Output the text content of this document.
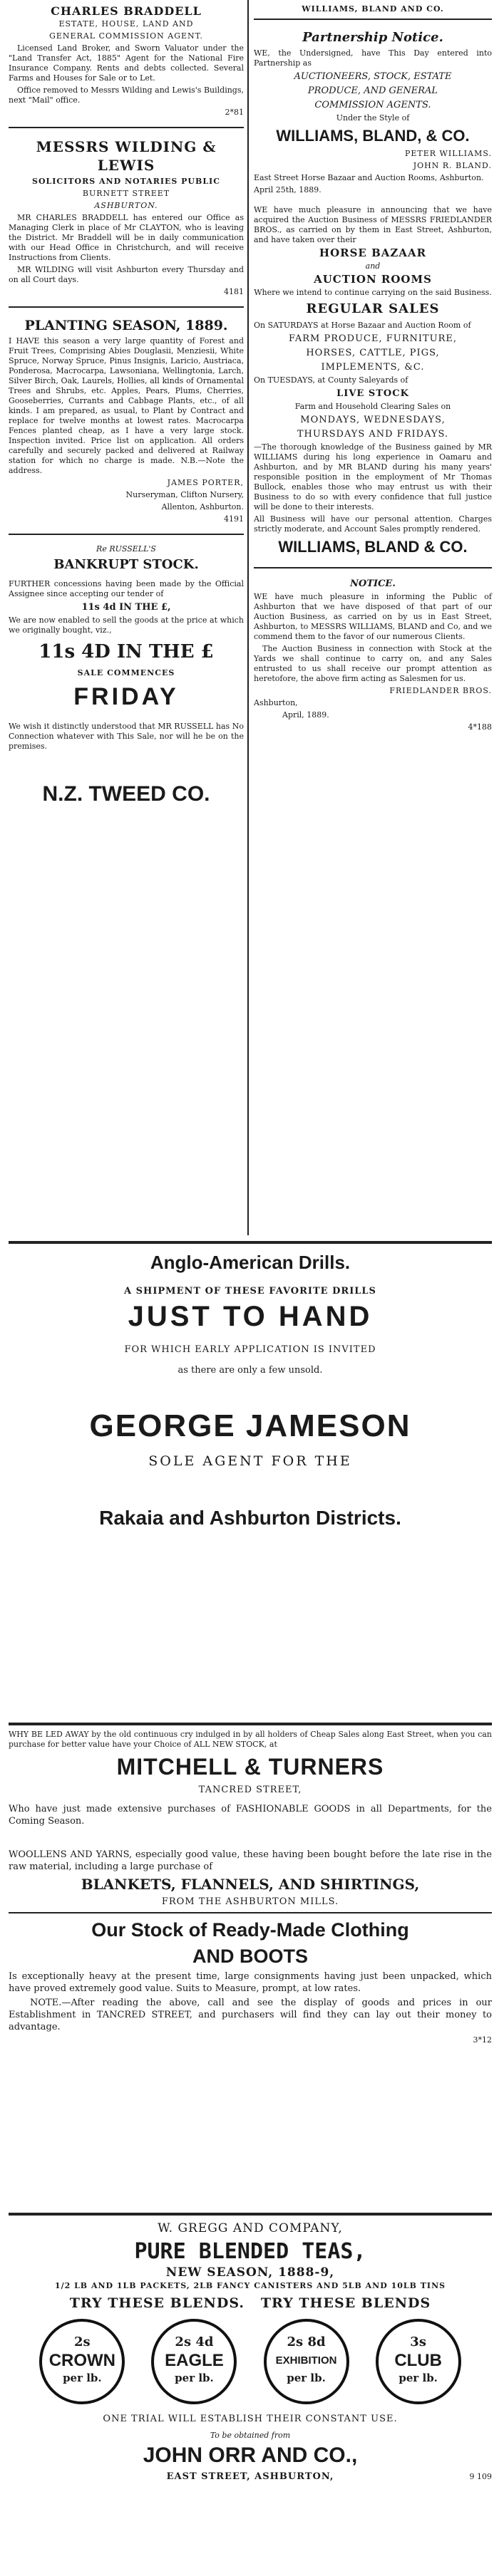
CHARLES BRADDELL

ESTATE, HOUSE, LAND AND

GENERAL COMMISSION AGENT.

Licensed Land Broker, and Sworn Valuator under the "Land Transfer Act, 1885" Agent for the National Fire Insurance Company. Rents and debts collected. Several Farms and Houses for Sale or to Let.

Office removed to Messrs Wilding and Lewis's Buildings, next "Mail" office.

2*81

MESSRS WILDING & LEWIS

SOLICITORS AND NOTARIES PUBLIC

BURNETT STREET

ASHBURTON.

MR CHARLES BRADDELL has entered our Office as Managing Clerk in place of Mr CLAYTON, who is leaving the District. Mr Braddell will be in daily communication with our Head Office in Christchurch, and will receive Instructions from Clients.

MR WILDING will visit Ashburton every Thursday and on all Court days.

4181

PLANTING SEASON, 1889.

I HAVE this season a very large quantity of Forest and Fruit Trees, Comprising Abies Douglasii, Menziesii, White Spruce, Norway Spruce, Pinus Insignis, Laricio, Austriaca, Ponderosa, Macrocarpa, Lawsoniana, Wellingtonia, Larch, Silver Birch, Oak, Laurels, Hollies, all kinds of Ornamental Trees and Shrubs, etc. Apples, Pears, Plums, Cherries, Gooseberries, Currants and Cabbage Plants, etc., of all kinds. I am prepared, as usual, to Plant by Contract and replace for twelve months at lowest rates. Macrocarpa Fences planted cheap, as I have a very large stock. Inspection invited. Price list on application. All orders carefully and securely packed and delivered at Railway station for which no charge is made. N.B.—Note the address.

JAMES PORTER,

Nurseryman, Clifton Nursery,

Allenton, Ashburton.

4191

Re RUSSELL'S

BANKRUPT STOCK.

FURTHER concessions having been made by the Official Assignee since accepting our tender of

11s 4d IN THE £,

We are now enabled to sell the goods at the price at which we originally bought, viz.,

11s 4D IN THE £

SALE COMMENCES

FRIDAY

We wish it distinctly understood that MR RUSSELL has No Connection whatever with This Sale, nor will he be on the premises.

N.Z. TWEED CO.

WILLIAMS, BLAND AND CO.

Partnership Notice.

WE, the Undersigned, have This Day entered into Partnership as

AUCTIONEERS, STOCK, ESTATE

PRODUCE, AND GENERAL

COMMISSION AGENTS.

Under the Style of

WILLIAMS, BLAND, & CO.

PETER WILLIAMS.

JOHN R. BLAND.

East Street Horse Bazaar and Auction Rooms, Ashburton.

April 25th, 1889.

WE have much pleasure in announcing that we have acquired the Auction Business of MESSRS FRIEDLANDER BROS., as carried on by them in East Street, Ashburton, and have taken over their

HORSE BAZAAR

and

AUCTION ROOMS

Where we intend to continue carrying on the said Business.

REGULAR SALES

On SATURDAYS at Horse Bazaar and Auction Room of

FARM PRODUCE, FURNITURE,

HORSES, CATTLE, PIGS,

IMPLEMENTS, &C.

On TUESDAYS, at County Saleyards of

LIVE STOCK

Farm and Household Clearing Sales on

MONDAYS, WEDNESDAYS,

THURSDAYS AND FRIDAYS.

—The thorough knowledge of the Business gained by MR WILLIAMS during his long experience in Oamaru and Ashburton, and by MR BLAND during his many years' responsible position in the employment of Mr Thomas Bullock, enables those who may entrust us with their Business to do so with every confidence that full justice will be done to their interests.

All Business will have our personal attention. Charges strictly moderate, and Account Sales promptly rendered.

WILLIAMS, BLAND & CO.

NOTICE.

WE have much pleasure in informing the Public of Ashburton that we have disposed of that part of our Auction Business, as carried on by us in East Street, Ashburton, to MESSRS WILLIAMS, BLAND and Co, and we commend them to the favor of our numerous Clients.

The Auction Business in connection with Stock at the Yards we shall continue to carry on, and any Sales entrusted to us shall receive our prompt attention as heretofore, the above firm acting as Salesmen for us.

FRIEDLANDER BROS.

Ashburton,

April, 1889.

4*188

Anglo-American Drills.

A SHIPMENT OF THESE FAVORITE DRILLS

JUST TO HAND

FOR WHICH EARLY APPLICATION IS INVITED

as there are only a few unsold.

GEORGE JAMESON

SOLE AGENT FOR THE

Rakaia and Ashburton Districts.

WHY BE LED AWAY by the old continuous cry indulged in by all holders of Cheap Sales along East Street, when you can purchase for better value have your Choice of ALL NEW STOCK, at

MITCHELL & TURNERS

TANCRED STREET,

Who have just made extensive purchases of FASHIONABLE GOODS in all Departments, for the Coming Season.

WOOLLENS AND YARNS, especially good value, these having been bought before the late rise in the raw material, including a large purchase of

BLANKETS, FLANNELS, AND SHIRTINGS,

FROM THE ASHBURTON MILLS.

Our Stock of Ready-Made Clothing

AND BOOTS

Is exceptionally heavy at the present time, large consignments having just been unpacked, which have proved extremely good value. Suits to Measure, prompt, at low rates.

NOTE.—After reading the above, call and see the display of goods and prices in our Establishment in TANCRED STREET, and purchasers will find they can lay out their money to advantage.

3*12

W. GREGG AND COMPANY,

PURE BLENDED TEAS,

NEW SEASON, 1888-9,

1/2 LB AND 1LB PACKETS, 2LB FANCY CANISTERS AND 5LB AND 10LB TINS

TRY THESE BLENDS.   TRY THESE BLENDS

2s
CROWN
per lb.

2s 4d
EAGLE
per lb.

2s 8d
EXHIBITION
per lb.

3s
CLUB
per lb.

ONE TRIAL WILL ESTABLISH THEIR CONSTANT USE.

To be obtained from

JOHN ORR AND CO.,

EAST STREET, ASHBURTON,	9 109
